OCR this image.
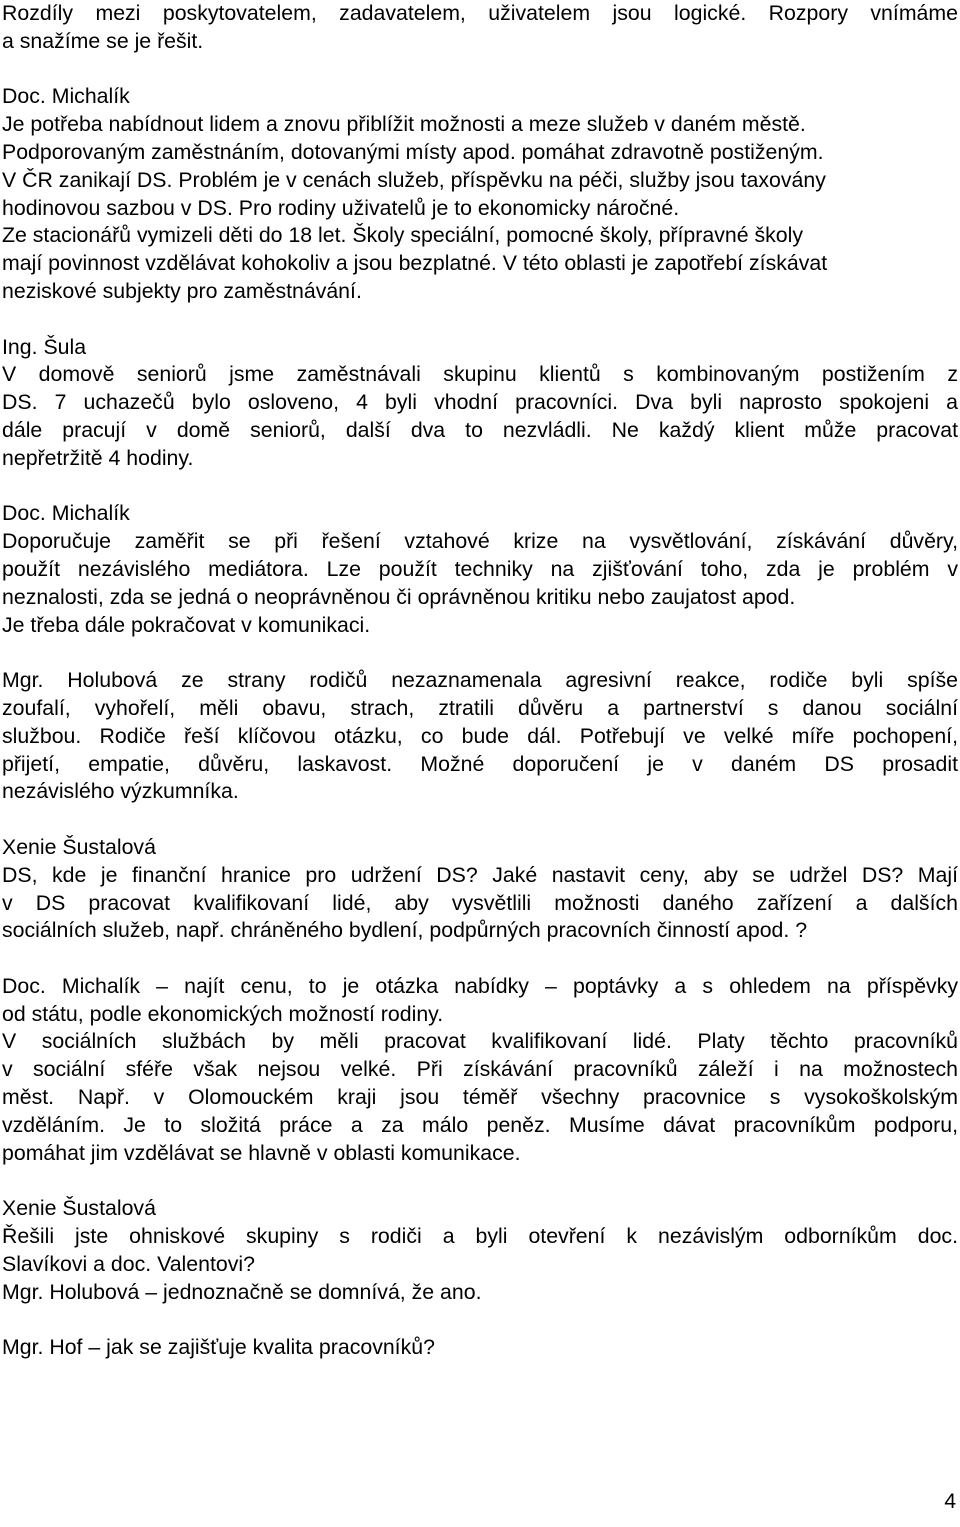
Rozdíly mezi poskytovatelem, zadavatelem, uživatelem jsou logické. Rozpory vnímáme
a snažíme se je řešit.
Doc. Michalík
Je potřeba nabídnout lidem a znovu přiblížit možnosti a meze služeb v daném městě.
Podporovaným zaměstnáním, dotovanými místy apod. pomáhat zdravotně postiženým.
V ČR zanikají DS. Problém je v cenách služeb, příspěvku na péči, služby jsou taxovány
hodinovou sazbou v DS. Pro rodiny uživatelů je to ekonomicky náročné.
Ze stacionářů vymizeli děti do 18 let. Školy speciální, pomocné školy, přípravné školy
mají povinnost vzdělávat kohokoliv a jsou bezplatné. V této oblasti je zapotřebí získávat
neziskové subjekty pro zaměstnávání.
Ing. Šula
V domově seniorů jsme zaměstnávali skupinu klientů s kombinovaným postižením z
DS. 7 uchazečů bylo osloveno, 4 byli vhodní pracovníci. Dva byli naprosto spokojeni a
dále pracují v domě seniorů, další dva to nezvládli. Ne každý klient může pracovat
nepřetržitě 4 hodiny.
Doc. Michalík
Doporučuje zaměřit se při řešení vztahové krize na vysvětlování, získávání důvěry,
použít nezávislého mediátora. Lze použít techniky na zjišťování toho, zda je problém v
neznalosti, zda se jedná o neoprávněnou či oprávněnou kritiku nebo zaujatost apod.
Je třeba dále pokračovat v komunikaci.
Mgr. Holubová ze strany rodičů nezaznamenala agresivní reakce, rodiče byli spíše
zoufalí, vyhořelí, měli obavu, strach, ztratili důvěru a partnerství s danou sociální
službou. Rodiče řeší klíčovou otázku, co bude dál. Potřebují ve velké míře pochopení,
přijetí, empatie, důvěru, laskavost. Možné doporučení je v daném DS prosadit
nezávislého výzkumníka.
Xenie Šustalová
DS, kde je finanční hranice pro udržení DS? Jaké nastavit ceny, aby se udržel DS? Mají
v DS pracovat kvalifikovaní lidé, aby vysvětlili možnosti daného zařízení a dalších
sociálních služeb, např. chráněného bydlení, podpůrných pracovních činností apod. ?
Doc. Michalík – najít cenu, to je otázka nabídky – poptávky a s ohledem na příspěvky
od státu, podle ekonomických možností rodiny.
V sociálních službách by měli pracovat kvalifikovaní lidé. Platy těchto pracovníků
v sociální sféře však nejsou velké. Při získávání pracovníků záleží i na možnostech
měst. Např. v Olomouckém kraji jsou téměř všechny pracovnice s vysokoškolským
vzděláním. Je to složitá práce a za málo peněz. Musíme dávat pracovníkům podporu,
pomáhat jim vzdělávat se hlavně v oblasti komunikace.
Xenie Šustalová
Řešili jste ohniskové skupiny s rodiči a byli otevření k nezávislým odborníkům doc.
Slavíkovi a doc. Valentovi?
Mgr. Holubová – jednoznačně se domnívá, že ano.
Mgr. Hof – jak se zajišťuje kvalita pracovníků?
4
